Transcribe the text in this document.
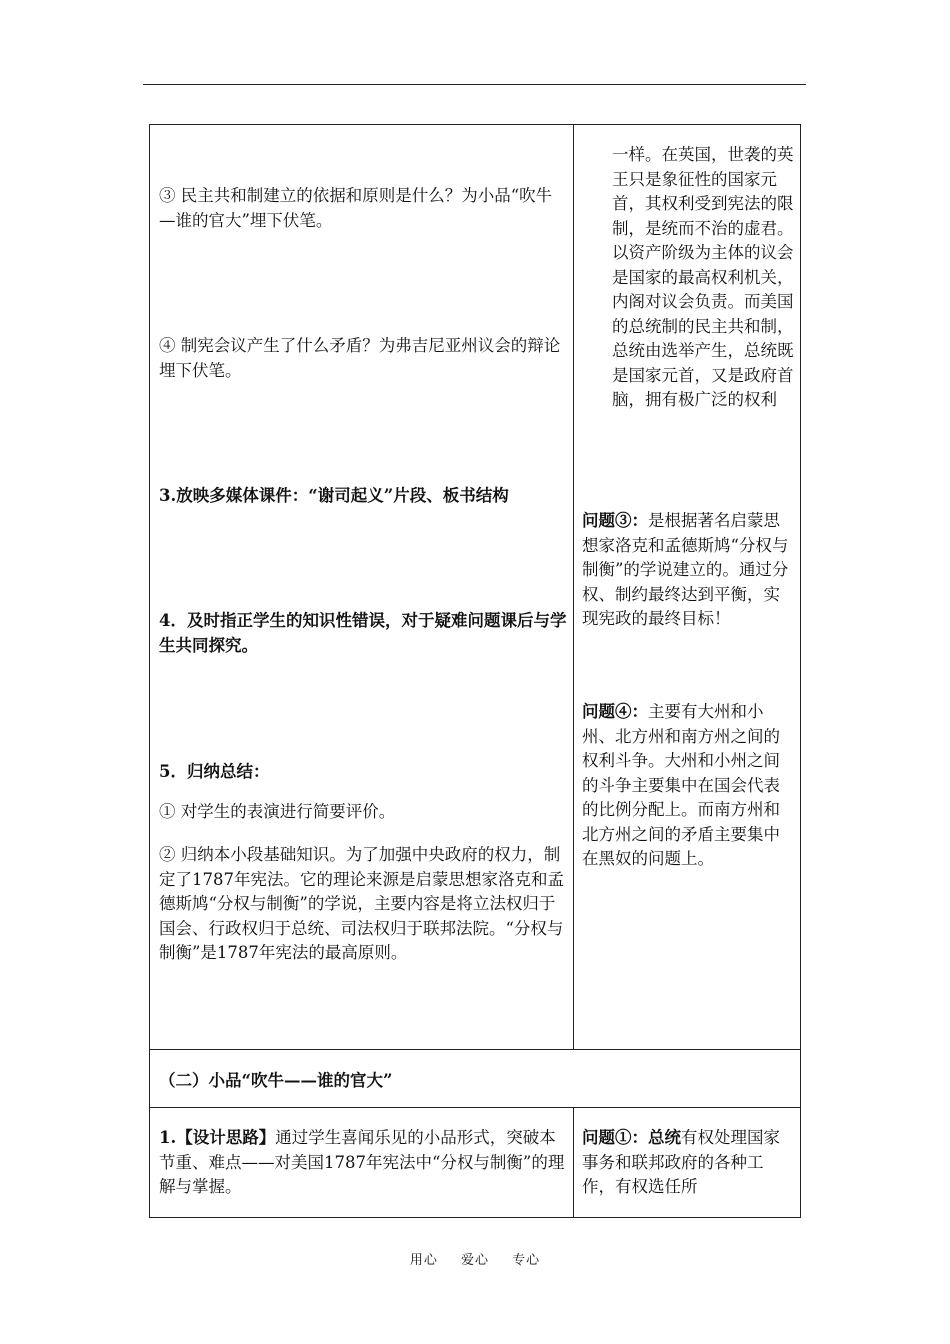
③ 民主共和制建立的依据和原则是什么？为小品“吹牛—谁的官大”埋下伏笔。

④ 制宪会议产生了什么矛盾？为弗吉尼亚州议会的辩论埋下伏笔。

3.放映多媒体课件：“谢司起义”片段、板书结构

4．及时指正学生的知识性错误，对于疑难问题课后与学生共同探究。

5．归纳总结：

① 对学生的表演进行简要评价。

② 归纳本小段基础知识。为了加强中央政府的权力，制定了1787年宪法。它的理论来源是启蒙思想家洛克和孟德斯鸠“分权与制衡”的学说，主要内容是将立法权归于国会、行政权归于总统、司法权归于联邦法院。“分权与制衡”是1787年宪法的最高原则。

一样。在英国，世袭的英王只是象征性的国家元首，其权利受到宪法的限制，是统而不治的虚君。以资产阶级为主体的议会是国家的最高权利机关，内阁对议会负责。而美国的总统制的民主共和制，总统由选举产生，总统既是国家元首，又是政府首脑，拥有极广泛的权利

问题③：是根据著名启蒙思想家洛克和孟德斯鸠“分权与制衡”的学说建立的。通过分权、制约最终达到平衡，实现宪政的最终目标！

问题④：主要有大州和小州、北方州和南方州之间的权利斗争。大州和小州之间的斗争主要集中在国会代表的比例分配上。而南方州和北方州之间的矛盾主要集中在黑奴的问题上。

（二）小品“吹牛——谁的官大”

1.【设计思路】通过学生喜闻乐见的小品形式，突破本节重、难点——对美国1787年宪法中“分权与制衡”的理解与掌握。

问题①：总统有权处理国家事务和联邦政府的各种工作，有权选任所

用心 爱心 专心
